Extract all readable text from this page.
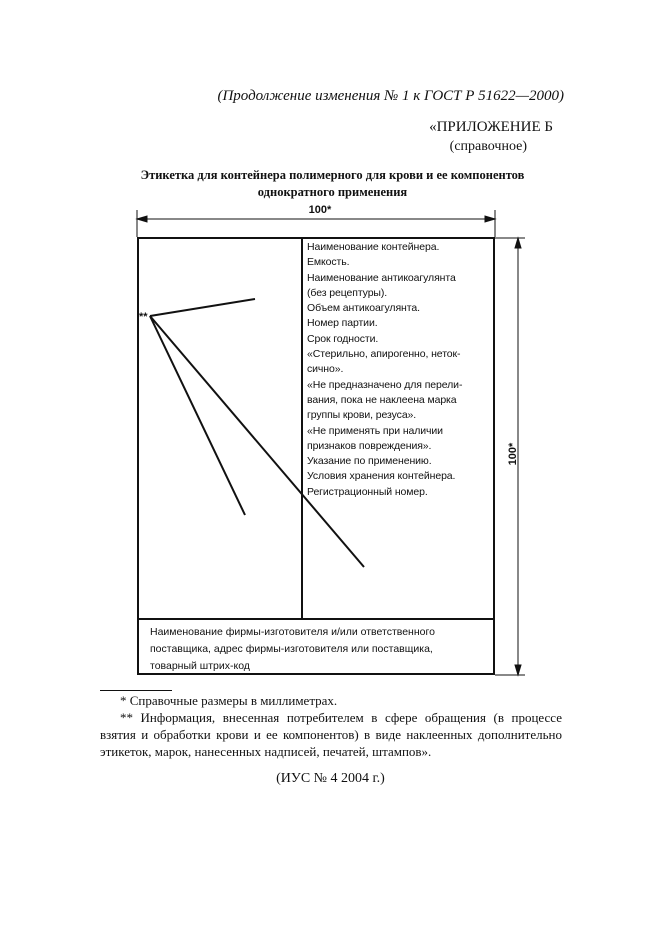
(Продолжение изменения № 1 к ГОСТ Р 51622—2000)
«ПРИЛОЖЕНИЕ Б
(справочное)
Этикетка для контейнера полимерного для крови и ее компонентов
однократного применения
100*
100*
**
Наименование контейнера.
Емкость.
Наименование антикоагулянта
(без рецептуры).
Объем антикоагулянта.
Номер партии.
Срок годности.
«Стерильно, апирогенно, неток-
сично».
«Не предназначено для перели-
вания, пока не наклеена марка
группы крови, резуса».
«Не применять при наличии
признаков повреждения».
Указание по применению.
Условия хранения контейнера.
Регистрационный номер.
Наименование фирмы-изготовителя и/или ответственного
поставщика, адрес фирмы-изготовителя или поставщика,
товарный штрих-код
* Справочные размеры в миллиметрах.
** Информация, внесенная потребителем в сфере обращения (в процессе взятия и обработки крови и ее компонентов) в виде наклеенных дополнительно этикеток, марок, нанесенных надписей, печатей, штампов».
(ИУС № 4 2004 г.)
